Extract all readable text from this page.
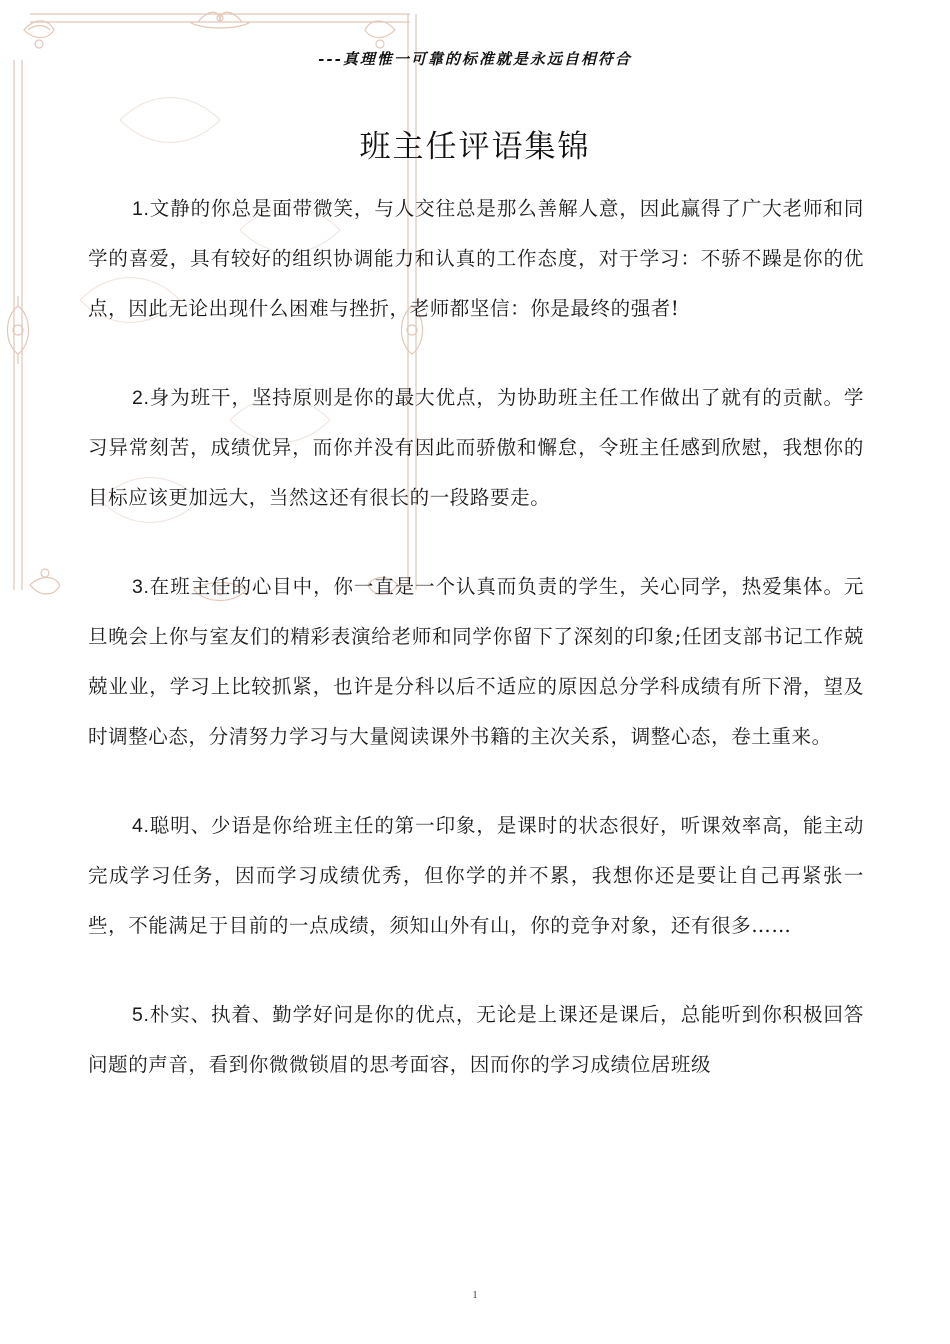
---真理惟一可靠的标准就是永远自相符合
班主任评语集锦

1.文静的你总是面带微笑，与人交往总是那么善解人意，因此赢得了广大老师和同学的喜爱，具有较好的组织协调能力和认真的工作态度，对于学习：不骄不躁是你的优点，因此无论出现什么困难与挫折，老师都坚信：你是最终的强者!

2.身为班干，坚持原则是你的最大优点，为协助班主任工作做出了就有的贡献。学习异常刻苦，成绩优异，而你并没有因此而骄傲和懈怠，令班主任感到欣慰，我想你的目标应该更加远大，当然这还有很长的一段路要走。

3.在班主任的心目中，你一直是一个认真而负责的学生，关心同学，热爱集体。元旦晚会上你与室友们的精彩表演给老师和同学你留下了深刻的印象;任团支部书记工作兢兢业业，学习上比较抓紧，也许是分科以后不适应的原因总分学科成绩有所下滑，望及时调整心态，分清努力学习与大量阅读课外书籍的主次关系，调整心态，卷土重来。

4.聪明、少语是你给班主任的第一印象，是课时的状态很好，听课效率高，能主动完成学习任务，因而学习成绩优秀，但你学的并不累，我想你还是要让自己再紧张一些，不能满足于目前的一点成绩，须知山外有山，你的竞争对象，还有很多……

5.朴实、执着、勤学好问是你的优点，无论是上课还是课后，总能听到你积极回答问题的声音，看到你微微锁眉的思考面容，因而你的学习成绩位居班级

1
